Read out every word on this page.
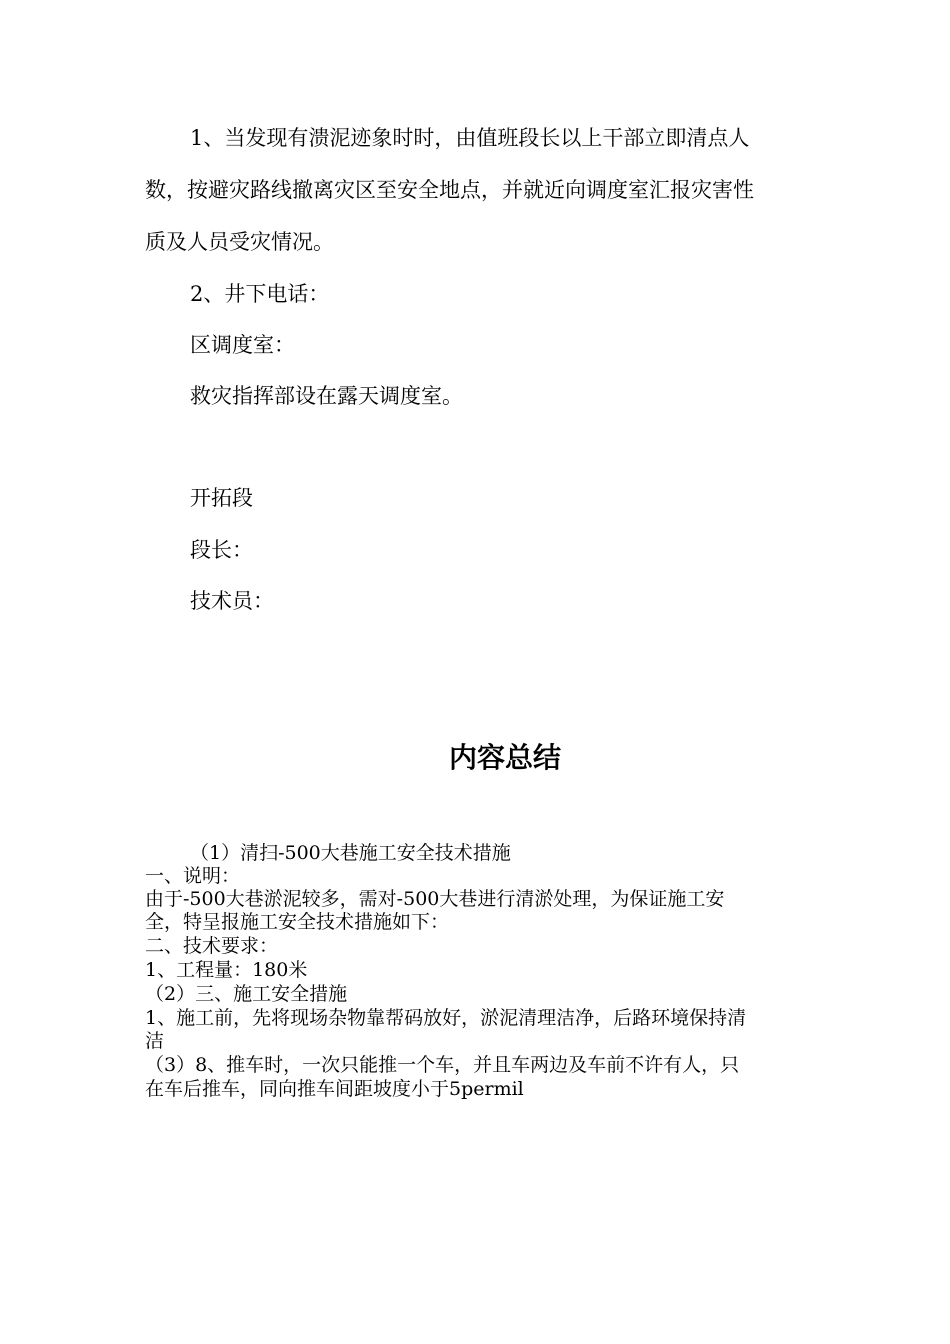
1、当发现有溃泥迹象时时，由值班段长以上干部立即清点人

数，按避灾路线撤离灾区至安全地点，并就近向调度室汇报灾害性

质及人员受灾情况。

2、井下电话：

区调度室：

救灾指挥部设在露天调度室。

开拓段

段长：

技术员：

内容总结

（1）清扫-500大巷施工安全技术措施

一、说明：

由于-500大巷淤泥较多，需对-500大巷进行清淤处理，为保证施工安

全，特呈报施工安全技术措施如下：

二、技术要求：

1、工程量：180米

（2）三、施工安全措施

1、施工前，先将现场杂物靠帮码放好，淤泥清理洁净，后路环境保持清

洁

（3）8、推车时，一次只能推一个车，并且车两边及车前不许有人，只

在车后推车，同向推车间距坡度小于5permil
